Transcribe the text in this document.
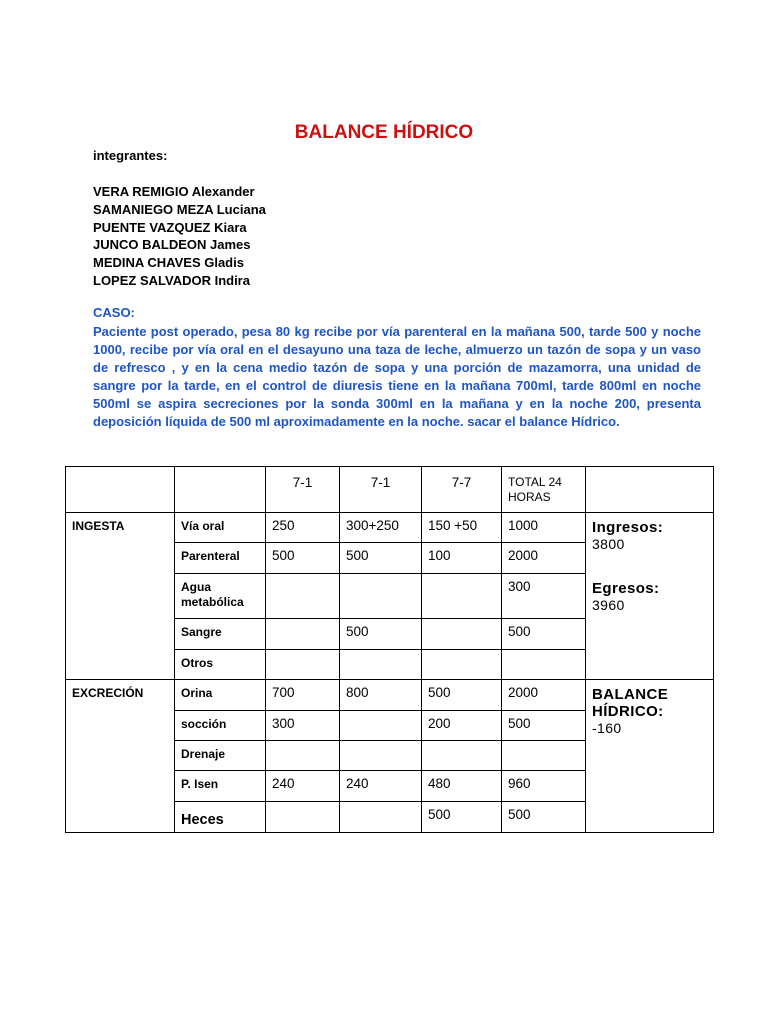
BALANCE HÍDRICO
integrantes:
VERA REMIGIO Alexander
SAMANIEGO MEZA Luciana
PUENTE VAZQUEZ Kiara
JUNCO BALDEON James
MEDINA CHAVES Gladis
LOPEZ SALVADOR Indira
CASO:
Paciente post operado, pesa 80 kg recibe por vía parenteral en la mañana 500, tarde 500 y noche 1000, recibe por vía oral en el desayuno una taza de leche, almuerzo un tazón de sopa y un vaso de refresco , y en la cena medio tazón de sopa y una porción de mazamorra, una unidad de sangre por la tarde, en el control de diuresis tiene en la mañana 700ml, tarde 800ml en noche 500ml se aspira secreciones por la sonda 300ml en la mañana y en la noche 200, presenta deposición líquida de 500 ml aproximadamente en la noche. sacar el balance Hídrico.
		7-1	7-1	7-7	TOTAL 24 HORAS	
INGESTA	Vía oral	250	300+250	150 +50	1000	Ingresos:
3800
Egresos:
3960

	Parenteral	500	500	100	2000	
	Agua metabólica				300	
	Sangre		500		500	
	Otros					
EXCRECIÓN	Orina	700	800	500	2000	BALANCE HÍDRICO:
-160

	socción	300		200	500	
	Drenaje					
	P. Isen	240	240	480	960	
	Heces			500	500	
